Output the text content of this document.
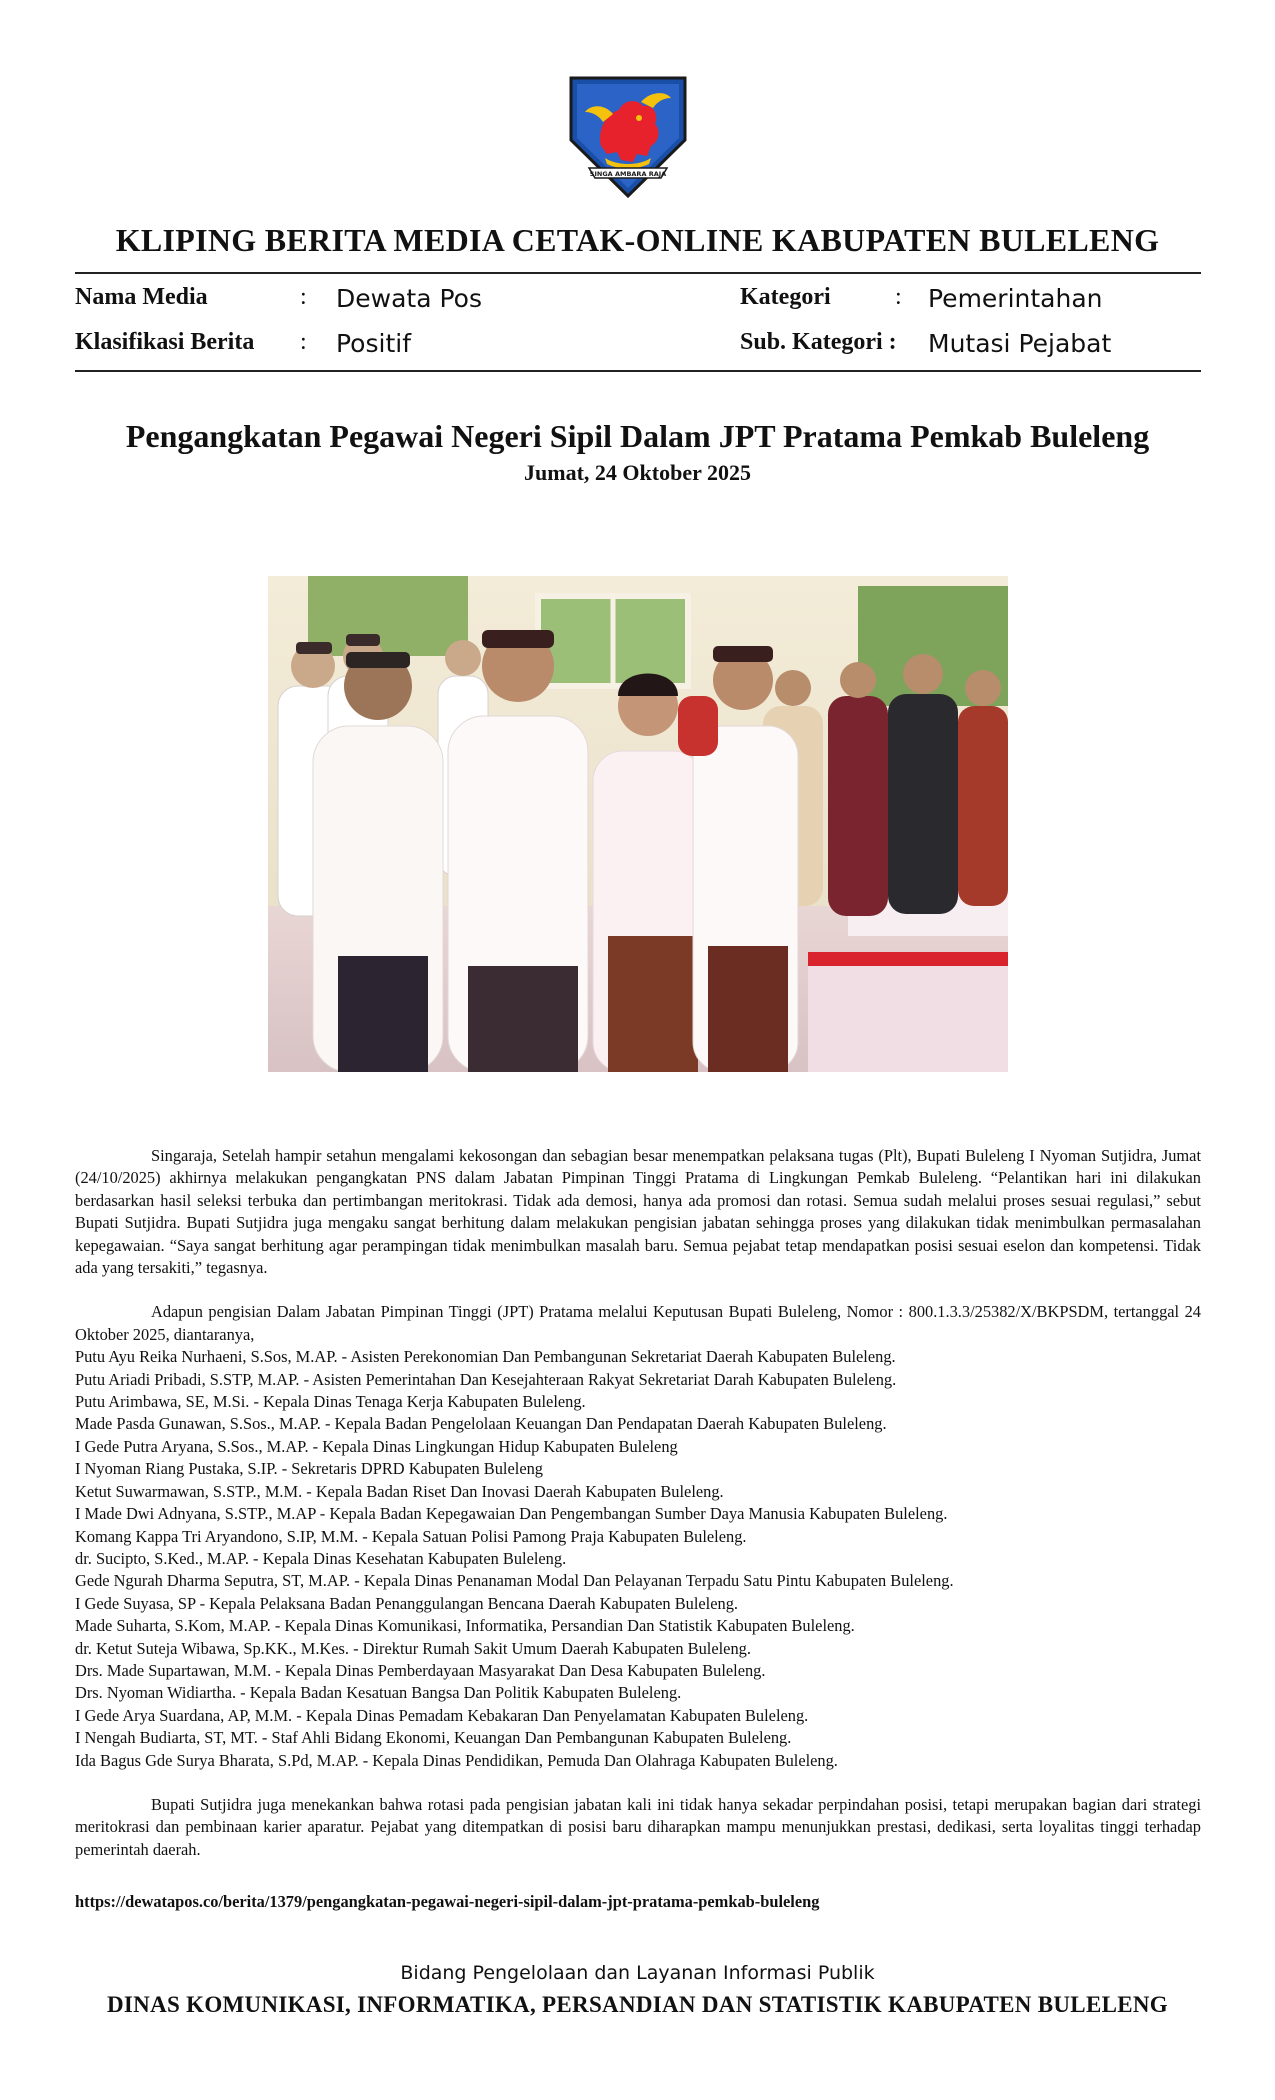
SINGA AMBARA RAJA
KLIPING BERITA MEDIA CETAK-ONLINE KABUPATEN BULELENG
Nama Media	: Dewata Pos
Klasifikasi Berita : Positif
Kategori	: Pemerintahan
Sub. Kategori : Mutasi Pejabat
Pengangkatan Pegawai Negeri Sipil Dalam JPT Pratama Pemkab Buleleng
Jumat, 24 Oktober 2025

Singaraja, Setelah hampir setahun mengalami kekosongan dan sebagian besar menempatkan pelaksana tugas (Plt), Bupati Buleleng I Nyoman Sutjidra, Jumat (24/10/2025) akhirnya melakukan pengangkatan PNS dalam Jabatan Pimpinan Tinggi Pratama di Lingkungan Pemkab Buleleng. “Pelantikan hari ini dilakukan berdasarkan hasil seleksi terbuka dan pertimbangan meritokrasi. Tidak ada demosi, hanya ada promosi dan rotasi. Semua sudah melalui proses sesuai regulasi,” sebut Bupati Sutjidra. Bupati Sutjidra juga mengaku sangat berhitung dalam melakukan pengisian jabatan sehingga proses yang dilakukan tidak menimbulkan permasalahan kepegawaian. “Saya sangat berhitung agar perampingan tidak menimbulkan masalah baru. Semua pejabat tetap mendapatkan posisi sesuai eselon dan kompetensi. Tidak ada yang tersakiti,” tegasnya.

Adapun pengisian Dalam Jabatan Pimpinan Tinggi (JPT) Pratama melalui Keputusan Bupati Buleleng, Nomor : 800.1.3.3/25382/X/BKPSDM, tertanggal 24 Oktober 2025, diantaranya,

Putu Ayu Reika Nurhaeni, S.Sos, M.AP. - Asisten Perekonomian Dan Pembangunan Sekretariat Daerah Kabupaten Buleleng.
Putu Ariadi Pribadi, S.STP, M.AP. - Asisten Pemerintahan Dan Kesejahteraan Rakyat Sekretariat Darah Kabupaten Buleleng.
Putu Arimbawa, SE, M.Si. - Kepala Dinas Tenaga Kerja Kabupaten Buleleng.
Made Pasda Gunawan, S.Sos., M.AP. - Kepala Badan Pengelolaan Keuangan Dan Pendapatan Daerah Kabupaten Buleleng.
I Gede Putra Aryana, S.Sos., M.AP. - Kepala Dinas Lingkungan Hidup Kabupaten Buleleng
I Nyoman Riang Pustaka, S.IP. - Sekretaris DPRD Kabupaten Buleleng
Ketut Suwarmawan, S.STP., M.M. - Kepala Badan Riset Dan Inovasi Daerah Kabupaten Buleleng.
I Made Dwi Adnyana, S.STP., M.AP - Kepala Badan Kepegawaian Dan Pengembangan Sumber Daya Manusia Kabupaten Buleleng.
Komang Kappa Tri Aryandono, S.IP, M.M. - Kepala Satuan Polisi Pamong Praja Kabupaten Buleleng.
dr. Sucipto, S.Ked., M.AP. - Kepala Dinas Kesehatan Kabupaten Buleleng.
Gede Ngurah Dharma Seputra, ST, M.AP. - Kepala Dinas Penanaman Modal Dan Pelayanan Terpadu Satu Pintu Kabupaten Buleleng.
I Gede Suyasa, SP - Kepala Pelaksana Badan Penanggulangan Bencana Daerah Kabupaten Buleleng.
Made Suharta, S.Kom, M.AP. - Kepala Dinas Komunikasi, Informatika, Persandian Dan Statistik Kabupaten Buleleng.
dr. Ketut Suteja Wibawa, Sp.KK., M.Kes. - Direktur Rumah Sakit Umum Daerah Kabupaten Buleleng.
Drs. Made Supartawan, M.M. - Kepala Dinas Pemberdayaan Masyarakat Dan Desa Kabupaten Buleleng.
Drs. Nyoman Widiartha. - Kepala Badan Kesatuan Bangsa Dan Politik Kabupaten Buleleng.
I Gede Arya Suardana, AP, M.M. - Kepala Dinas Pemadam Kebakaran Dan Penyelamatan Kabupaten Buleleng.
I Nengah Budiarta, ST, MT. - Staf Ahli Bidang Ekonomi, Keuangan Dan Pembangunan Kabupaten Buleleng.
Ida Bagus Gde Surya Bharata, S.Pd, M.AP. - Kepala Dinas Pendidikan, Pemuda Dan Olahraga Kabupaten Buleleng.

Bupati Sutjidra juga menekankan bahwa rotasi pada pengisian jabatan kali ini tidak hanya sekadar perpindahan posisi, tetapi merupakan bagian dari strategi meritokrasi dan pembinaan karier aparatur. Pejabat yang ditempatkan di posisi baru diharapkan mampu menunjukkan prestasi, dedikasi, serta loyalitas tinggi terhadap pemerintah daerah.

https://dewatapos.co/berita/1379/pengangkatan-pegawai-negeri-sipil-dalam-jpt-pratama-pemkab-buleleng
Bidang Pengelolaan dan Layanan Informasi Publik
DINAS KOMUNIKASI, INFORMATIKA, PERSANDIAN DAN STATISTIK KABUPATEN BULELENG
